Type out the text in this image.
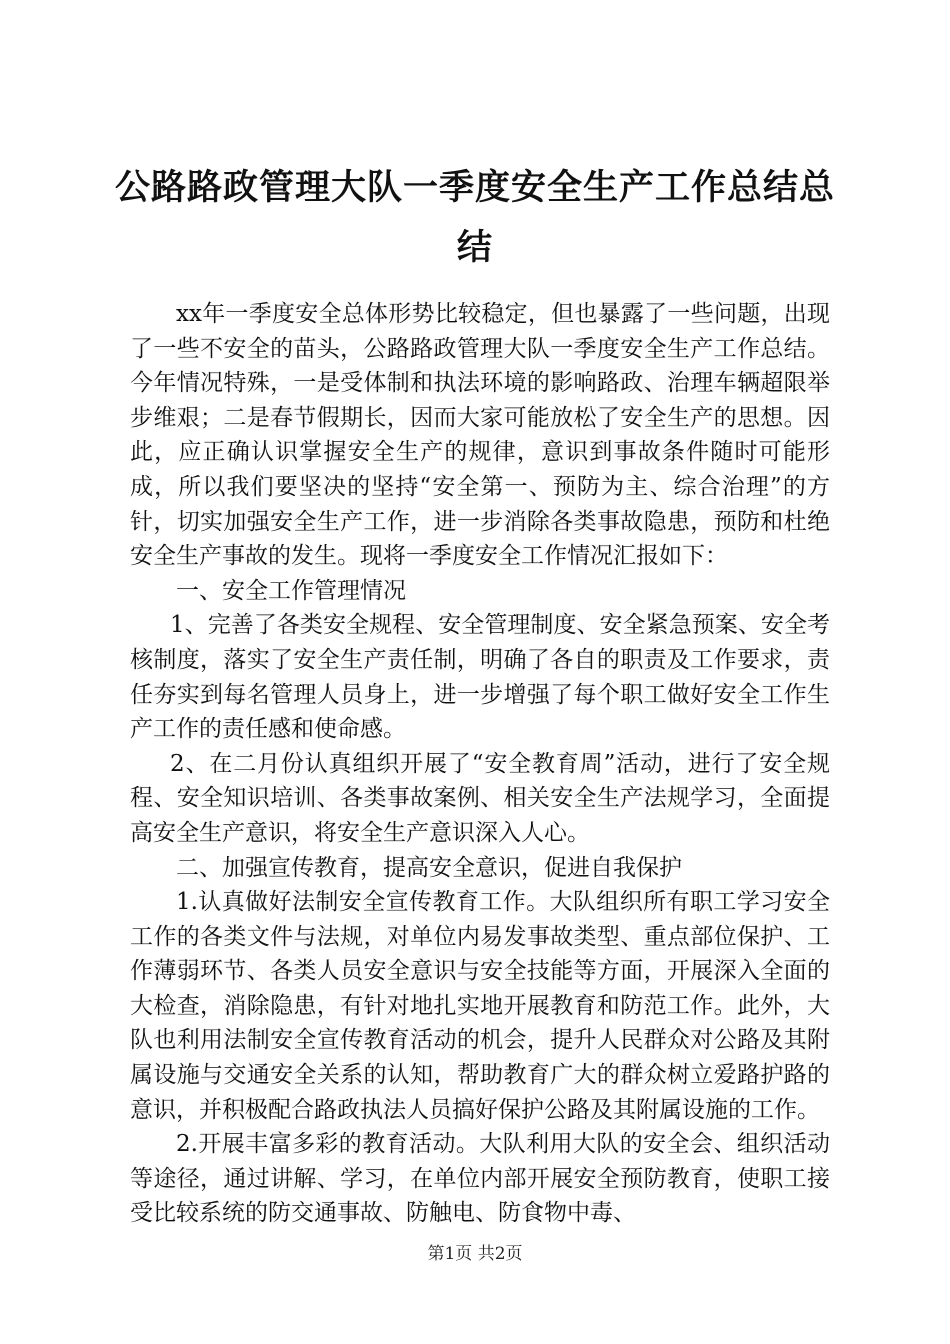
公路路政管理大队一季度安全生产工作总结总结

xx年一季度安全总体形势比较稳定，但也暴露了一些问题，出现了一些不安全的苗头，公路路政管理大队一季度安全生产工作总结。今年情况特殊，一是受体制和执法环境的影响路政、治理车辆超限举步维艰；二是春节假期长，因而大家可能放松了安全生产的思想。因此，应正确认识掌握安全生产的规律，意识到事故条件随时可能形成，所以我们要坚决的坚持“安全第一、预防为主、综合治理”的方针，切实加强安全生产工作，进一步消除各类事故隐患，预防和杜绝安全生产事故的发生。现将一季度安全工作情况汇报如下：

一、安全工作管理情况

1、完善了各类安全规程、安全管理制度、安全紧急预案、安全考核制度，落实了安全生产责任制，明确了各自的职责及工作要求，责任夯实到每名管理人员身上，进一步增强了每个职工做好安全工作生产工作的责任感和使命感。

2、在二月份认真组织开展了“安全教育周”活动，进行了安全规程、安全知识培训、各类事故案例、相关安全生产法规学习，全面提高安全生产意识，将安全生产意识深入人心。

二、加强宣传教育，提高安全意识，促进自我保护

1.认真做好法制安全宣传教育工作。大队组织所有职工学习安全工作的各类文件与法规，对单位内易发事故类型、重点部位保护、工作薄弱环节、各类人员安全意识与安全技能等方面，开展深入全面的大检查，消除隐患，有针对地扎实地开展教育和防范工作。此外，大队也利用法制安全宣传教育活动的机会，提升人民群众对公路及其附属设施与交通安全关系的认知，帮助教育广大的群众树立爱路护路的意识，并积极配合路政执法人员搞好保护公路及其附属设施的工作。

2.开展丰富多彩的教育活动。大队利用大队的安全会、组织活动等途径，通过讲解、学习，在单位内部开展安全预防教育，使职工接受比较系统的防交通事故、防触电、防食物中毒、

第1页 共2页
